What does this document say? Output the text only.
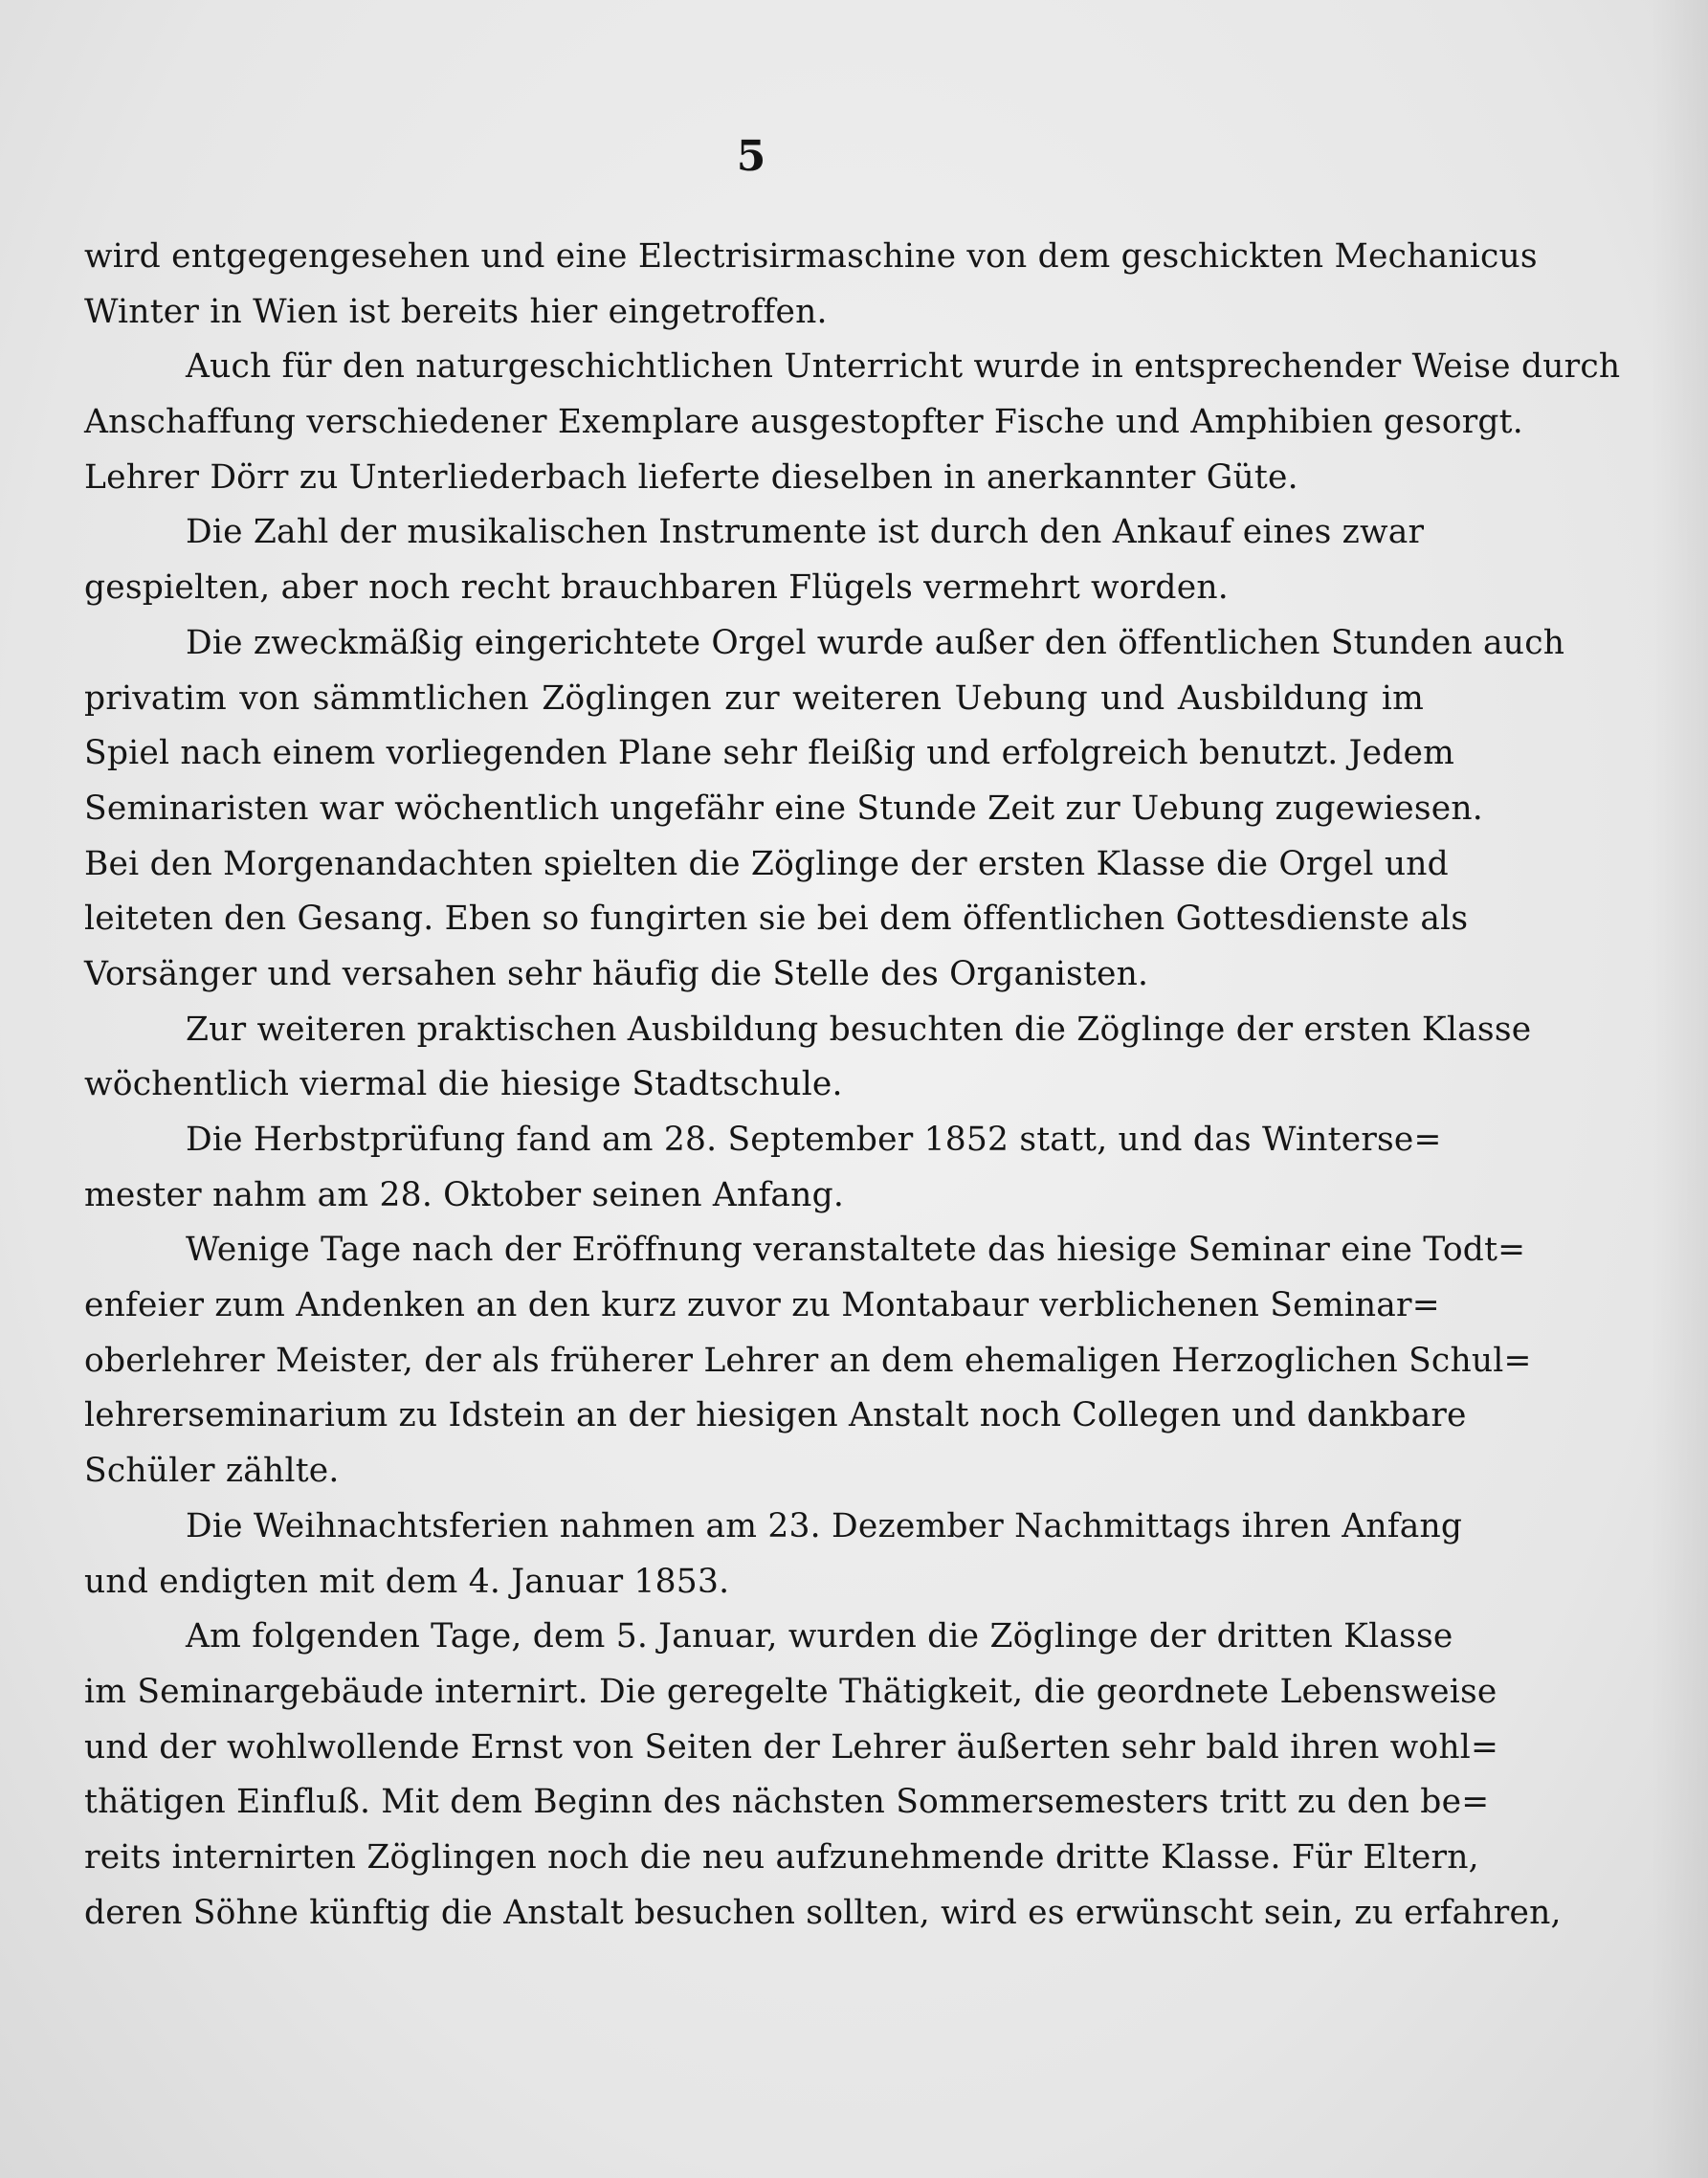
5
wird entgegengesehen und eine Electrisirmaschine von dem geschickten Mechanicus
Winter in Wien ist bereits hier eingetroffen.
Auch für den naturgeschichtlichen Unterricht wurde in entsprechender Weise durch
Anschaffung verschiedener Exemplare ausgestopfter Fische und Amphibien gesorgt.
Lehrer Dörr zu Unterliederbach lieferte dieselben in anerkannter Güte.
Die Zahl der musikalischen Instrumente ist durch den Ankauf eines zwar
gespielten, aber noch recht brauchbaren Flügels vermehrt worden.
Die zweckmäßig eingerichtete Orgel wurde außer den öffentlichen Stunden auch
privatim von sämmtlichen Zöglingen zur weiteren Uebung und Ausbildung im
Spiel nach einem vorliegenden Plane sehr fleißig und erfolgreich benutzt. Jedem
Seminaristen war wöchentlich ungefähr eine Stunde Zeit zur Uebung zugewiesen.
Bei den Morgenandachten spielten die Zöglinge der ersten Klasse die Orgel und
leiteten den Gesang. Eben so fungirten sie bei dem öffentlichen Gottesdienste als
Vorsänger und versahen sehr häufig die Stelle des Organisten.
Zur weiteren praktischen Ausbildung besuchten die Zöglinge der ersten Klasse
wöchentlich viermal die hiesige Stadtschule.
Die Herbstprüfung fand am 28. September 1852 statt, und das Winterse=
mester nahm am 28. Oktober seinen Anfang.
Wenige Tage nach der Eröffnung veranstaltete das hiesige Seminar eine Todt=
enfeier zum Andenken an den kurz zuvor zu Montabaur verblichenen Seminar=
oberlehrer Meister, der als früherer Lehrer an dem ehemaligen Herzoglichen Schul=
lehrerseminarium zu Idstein an der hiesigen Anstalt noch Collegen und dankbare
Schüler zählte.
Die Weihnachtsferien nahmen am 23. Dezember Nachmittags ihren Anfang
und endigten mit dem 4. Januar 1853.
Am folgenden Tage, dem 5. Januar, wurden die Zöglinge der dritten Klasse
im Seminargebäude internirt. Die geregelte Thätigkeit, die geordnete Lebensweise
und der wohlwollende Ernst von Seiten der Lehrer äußerten sehr bald ihren wohl=
thätigen Einfluß. Mit dem Beginn des nächsten Sommersemesters tritt zu den be=
reits internirten Zöglingen noch die neu aufzunehmende dritte Klasse. Für Eltern,
deren Söhne künftig die Anstalt besuchen sollten, wird es erwünscht sein, zu erfahren,
